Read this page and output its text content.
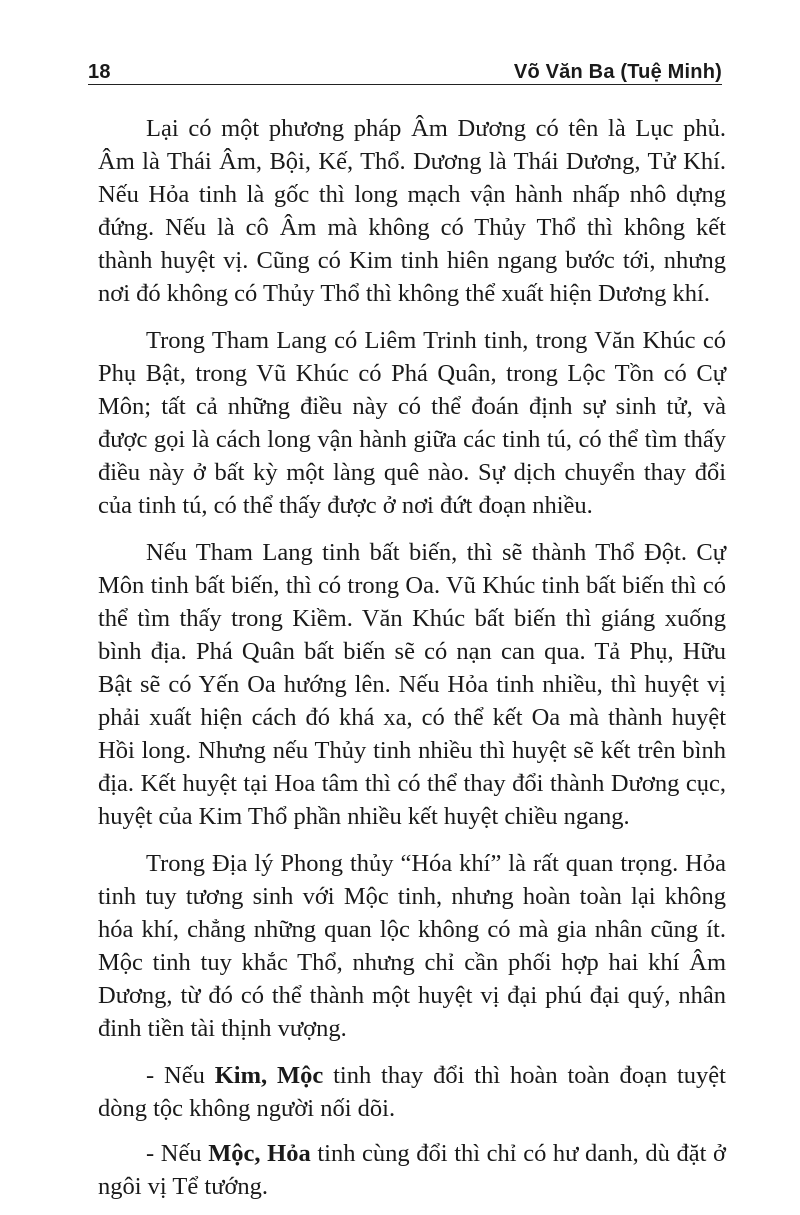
18	Võ Văn Ba (Tuệ Minh)

Lại có một phương pháp Âm Dương có tên là Lục phủ. Âm là Thái Âm, Bội, Kế, Thổ. Dương là Thái Dương, Tử Khí. Nếu Hỏa tinh là gốc thì long mạch vận hành nhấp nhô dựng đứng. Nếu là cô Âm mà không có Thủy Thổ thì không kết thành huyệt vị. Cũng có Kim tinh hiên ngang bước tới, nhưng nơi đó không có Thủy Thổ thì không thể xuất hiện Dương khí.

Trong Tham Lang có Liêm Trinh tinh, trong Văn Khúc có Phụ Bật, trong Vũ Khúc có Phá Quân, trong Lộc Tồn có Cự Môn; tất cả những điều này có thể đoán định sự sinh tử, và được gọi là cách long vận hành giữa các tinh tú, có thể tìm thấy điều này ở bất kỳ một làng quê nào. Sự dịch chuyển thay đổi của tinh tú, có thể thấy được ở nơi đứt đoạn nhiều.

Nếu Tham Lang tinh bất biến, thì sẽ thành Thổ Đột. Cự Môn tinh bất biến, thì có trong Oa. Vũ Khúc tinh bất biến thì có thể tìm thấy trong Kiềm. Văn Khúc bất biến thì giáng xuống bình địa. Phá Quân bất biến sẽ có nạn can qua. Tả Phụ, Hữu Bật sẽ có Yến Oa hướng lên. Nếu Hỏa tinh nhiều, thì huyệt vị phải xuất hiện cách đó khá xa, có thể kết Oa mà thành huyệt Hồi long. Nhưng nếu Thủy tinh nhiều thì huyệt sẽ kết trên bình địa. Kết huyệt tại Hoa tâm thì có thể thay đổi thành Dương cục, huyệt của Kim Thổ phần nhiều kết huyệt chiều ngang.

Trong Địa lý Phong thủy “Hóa khí” là rất quan trọng. Hỏa tinh tuy tương sinh với Mộc tinh, nhưng hoàn toàn lại không hóa khí, chẳng những quan lộc không có mà gia nhân cũng ít. Mộc tinh tuy khắc Thổ, nhưng chỉ cần phối hợp hai khí Âm Dương, từ đó có thể thành một huyệt vị đại phú đại quý, nhân đinh tiền tài thịnh vượng.

- Nếu Kim, Mộc tinh thay đổi thì hoàn toàn đoạn tuyệt dòng tộc không người nối dõi.

- Nếu Mộc, Hỏa tinh cùng đổi thì chỉ có hư danh, dù đặt ở ngôi vị Tể tướng.
